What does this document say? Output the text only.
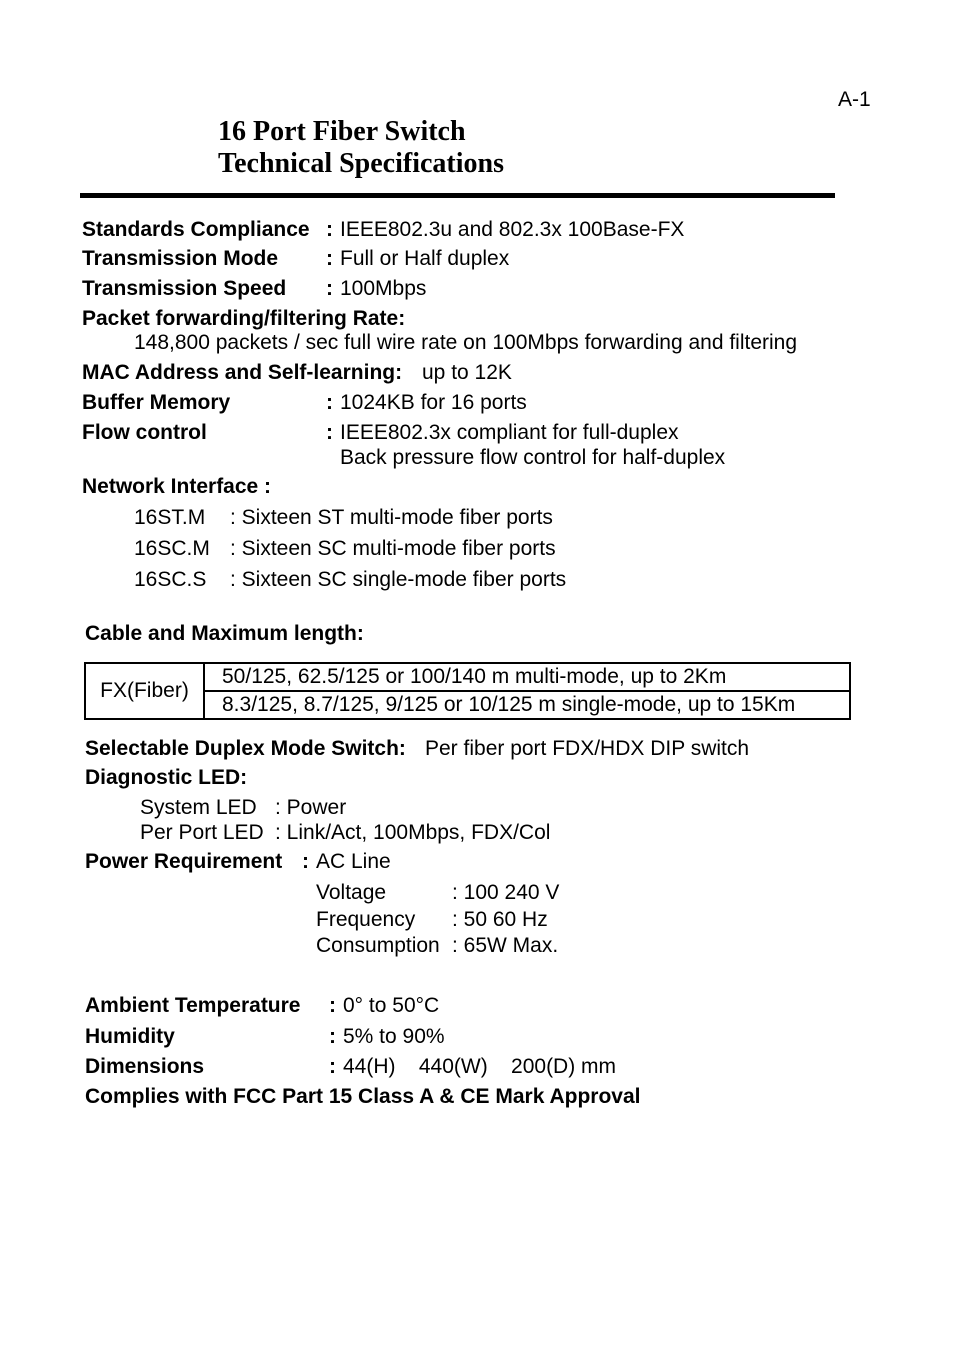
A-1
16 Port Fiber Switch
Technical Specifications
Standards Compliance : IEEE802.3u and 802.3x 100Base-FX
Transmission Mode : Full or Half duplex
Transmission Speed : 100Mbps
Packet forwarding/filtering Rate:
148,800 packets / sec full wire rate on 100Mbps forwarding and filtering
MAC Address and Self-learning: up to 12K
Buffer Memory	: 1024KB for 16 ports
Flow control	: IEEE802.3x compliant for full-duplex
Back pressure flow control for half-duplex
Network Interface :
16ST.M : Sixteen ST multi-mode fiber ports
16SC.M : Sixteen SC multi-mode fiber ports
16SC.S : Sixteen SC single-mode fiber ports
Cable and Maximum length:
FX(Fiber)	50/125, 62.5/125 or 100/140 m multi-mode, up to 2Km
8.3/125, 8.7/125, 9/125 or 10/125 m single-mode, up to 15Km
Selectable Duplex Mode Switch: Per fiber port FDX/HDX DIP switch
Diagnostic LED:
System LED : Power
Per Port LED : Link/Act, 100Mbps, FDX/Col
Power Requirement : AC Line
Voltage	: 100 240 V
Frequency : 50 60 Hz
Consumption : 65W Max.
Ambient Temperature : 0° to 50°C
Humidity	: 5% to 90%
Dimensions	: 44(H)    440(W)    200(D) mm
Complies with FCC Part 15 Class A & CE Mark Approval
